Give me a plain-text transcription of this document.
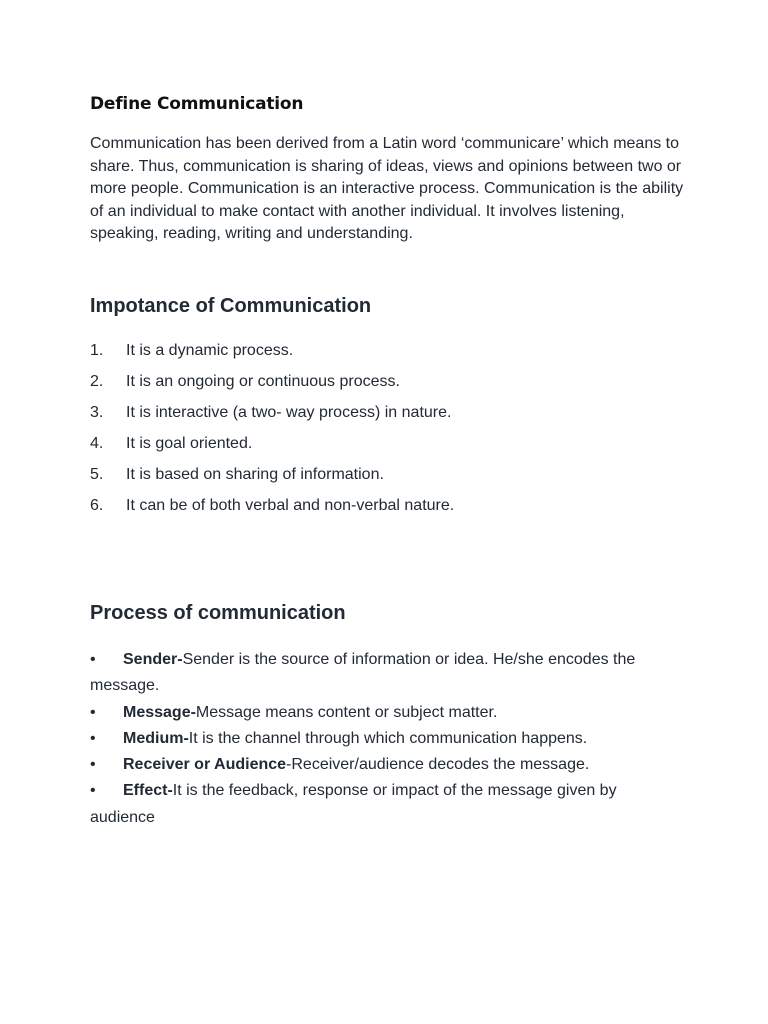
Define Communication

Communication has been derived from a Latin word ‘communicare’ which means to share. Thus, communication is sharing of ideas, views and opinions between two or more people. Communication is an interactive process. Communication is the ability of an individual to make contact with another individual. It involves listening, speaking, reading, writing and understanding.

Impotance of Communication
1. It is a dynamic process.
2. It is an ongoing or continuous process.
3. It is interactive (a two- way process) in nature.
4. It is goal oriented.
5. It is based on sharing of information.
6. It can be of both verbal and non-verbal nature.
Process of communication
• Sender-Sender is the source of information or idea. He/she encodes the message.
• Message-Message means content or subject matter.
• Medium-It is the channel through which communication happens.
• Receiver or Audience-Receiver/audience decodes the message.
• Effect-It is the feedback, response or impact of the message given by audience
